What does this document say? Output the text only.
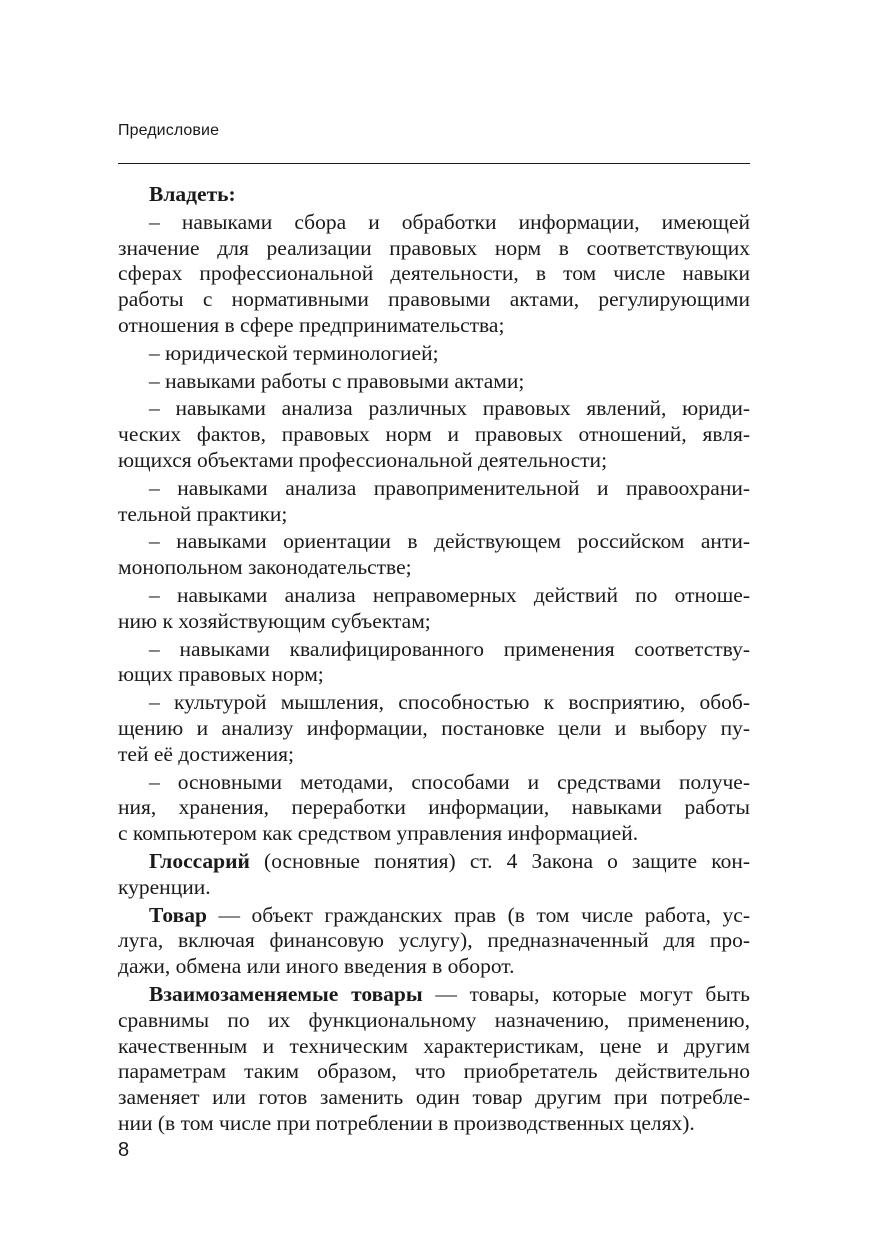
Предисловие

Владеть:

– навыками сбора и обработки информации, имеющей
значение для реализации правовых норм в соответствующих
сферах профессиональной деятельности, в том числе навыки
работы с нормативными правовыми актами, регулирующими
отношения в сфере предпринимательства;

– юридической терминологией;

– навыками работы с правовыми актами;

– навыками анализа различных правовых явлений, юриди-
ческих фактов, правовых норм и правовых отношений, явля-
ющихся объектами профессиональной деятельности;

– навыками анализа правоприменительной и правоохрани-
тельной практики;

– навыками ориентации в действующем российском анти-
монопольном законодательстве;

– навыками анализа неправомерных действий по отноше-
нию к хозяйствующим субъектам;

– навыками квалифицированного применения соответству-
ющих правовых норм;

– культурой мышления, способностью к восприятию, обоб-
щению и анализу информации, постановке цели и выбору пу-
тей её достижения;

– основными методами, способами и средствами получе-
ния, хранения, переработки информации, навыками работы
с компьютером как средством управления информацией.

Глоссарий (основные понятия) ст. 4 Закона о защите кон-
куренции.

Товар — объект гражданских прав (в том числе работа, ус-
луга, включая финансовую услугу), предназначенный для про-
дажи, обмена или иного введения в оборот.

Взаимозаменяемые товары — товары, которые могут быть
сравнимы по их функциональному назначению, применению,
качественным и техническим характеристикам, цене и другим
параметрам таким образом, что приобретатель действительно
заменяет или готов заменить один товар другим при потребле-
нии (в том числе при потреблении в производственных целях).

8
